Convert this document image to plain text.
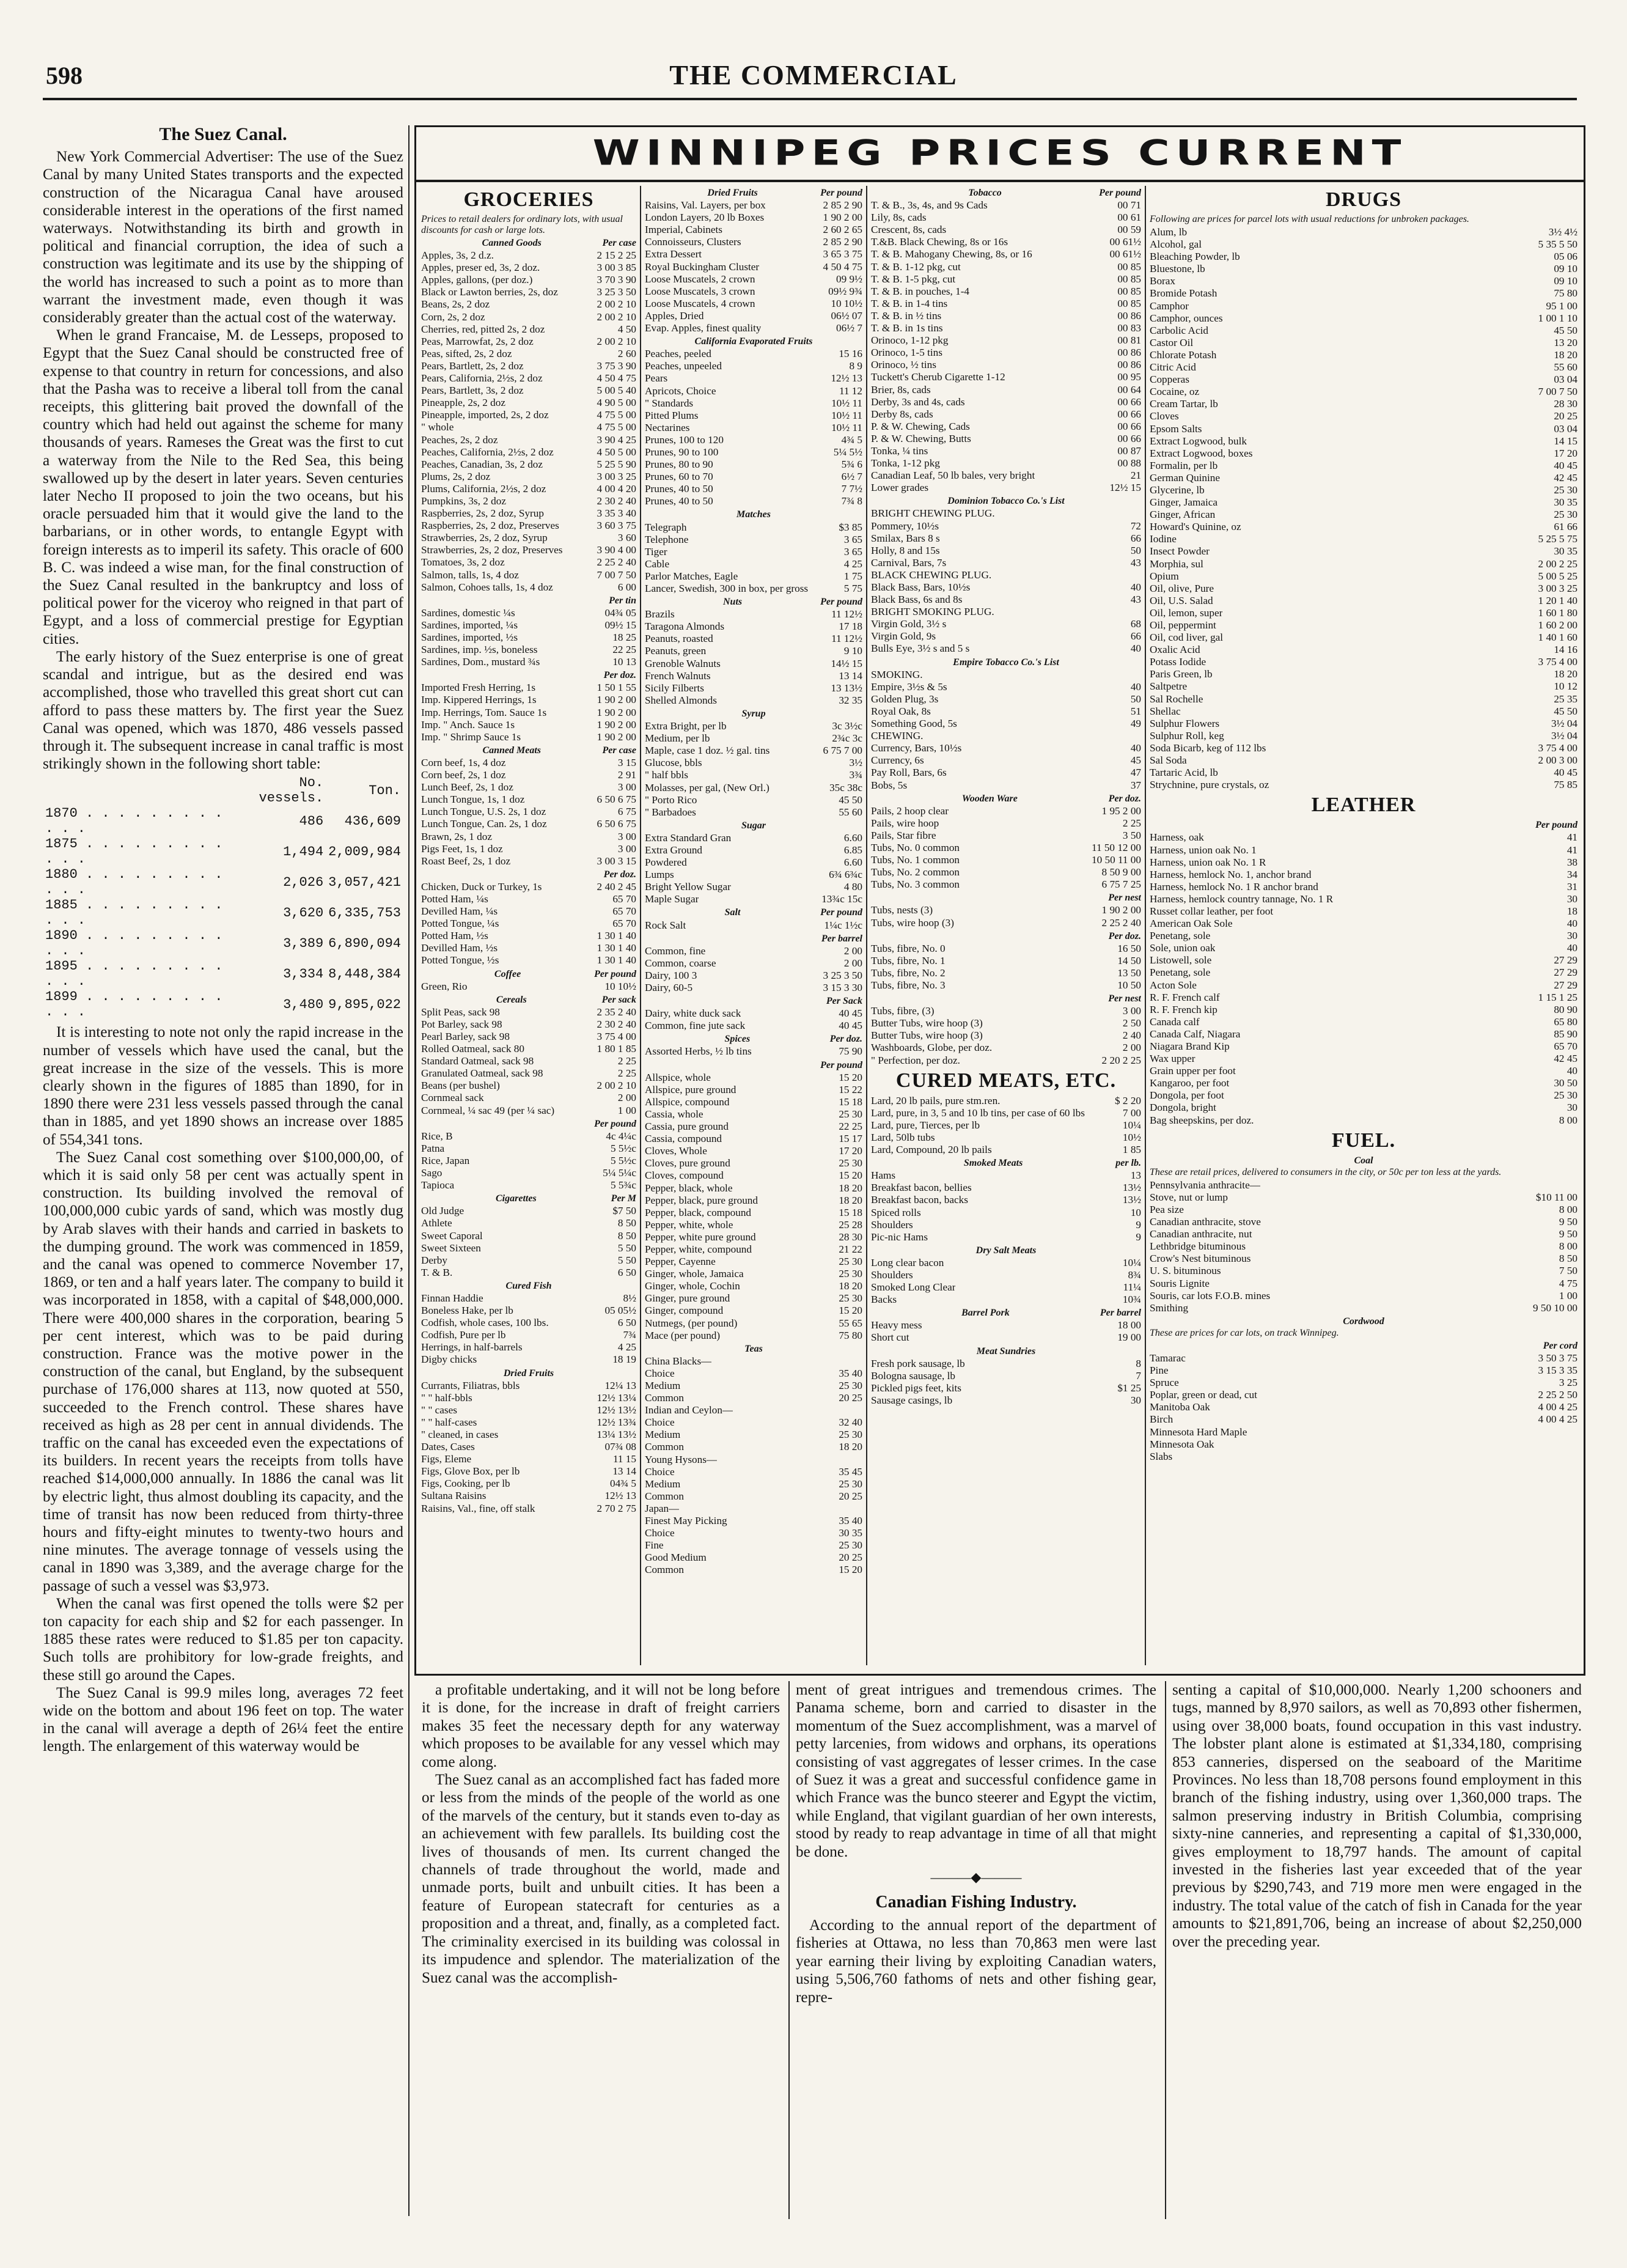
598	THE COMMERCIAL
The Suez Canal.

New York Commercial Advertiser: The use of the Suez Canal by many United States transports and the expected construction of the Nicaragua Canal have aroused considerable interest in the operations of the first named waterways. Notwithstanding its birth and growth in political and financial corruption, the idea of such a construction was legitimate and its use by the shipping of the world has increased to such a point as to more than warrant the investment made, even though it was considerably greater than the actual cost of the waterway.

When le grand Francaise, M. de Lesseps, proposed to Egypt that the Suez Canal should be constructed free of expense to that country in return for concessions, and also that the Pasha was to receive a liberal toll from the canal receipts, this glittering bait proved the downfall of the country which had held out against the scheme for many thousands of years. Rameses the Great was the first to cut a waterway from the Nile to the Red Sea, this being swallowed up by the desert in later years. Seven centuries later Necho II proposed to join the two oceans, but his oracle persuaded him that it would give the land to the barbarians, or in other words, to entangle Egypt with foreign interests as to imperil its safety. This oracle of 600 B. C. was indeed a wise man, for the final construction of the Suez Canal resulted in the bankruptcy and loss of political power for the viceroy who reigned in that part of Egypt, and a loss of commercial prestige for Egyptian cities.

The early history of the Suez enterprise is one of great scandal and intrigue, but as the desired end was accomplished, those who travelled this great short cut can afford to pass these matters by. The first year the Suez Canal was opened, which was 1870, 486 vessels passed through it. The subsequent increase in canal traffic is most strikingly shown in the following short table:

	No. vessels.	Ton.
1870 . . . . . . . . . . . .	486	436,609
1875 . . . . . . . . . . . .	1,494	2,009,984
1880 . . . . . . . . . . . .	2,026	3,057,421
1885 . . . . . . . . . . . .	3,620	6,335,753
1890 . . . . . . . . . . . .	3,389	6,890,094
1895 . . . . . . . . . . . .	3,334	8,448,384
1899 . . . . . . . . . . . .	3,480	9,895,022

It is interesting to note not only the rapid increase in the number of vessels which have used the canal, but the great increase in the size of the vessels. This is more clearly shown in the figures of 1885 than 1890, for in 1890 there were 231 less vessels passed through the canal than in 1885, and yet 1890 shows an increase over 1885 of 554,341 tons.

The Suez Canal cost something over $100,000,00, of which it is said only 58 per cent was actually spent in construction. Its building involved the removal of 100,000,000 cubic yards of sand, which was mostly dug by Arab slaves with their hands and carried in baskets to the dumping ground. The work was commenced in 1859, and the canal was opened to commerce November 17, 1869, or ten and a half years later. The company to build it was incorporated in 1858, with a capital of $48,000,000. There were 400,000 shares in the corporation, bearing 5 per cent interest, which was to be paid during construction. France was the motive power in the construction of the canal, but England, by the subsequent purchase of 176,000 shares at 113, now quoted at 550, succeeded to the French control. These shares have received as high as 28 per cent in annual dividends. The traffic on the canal has exceeded even the expectations of its builders. In recent years the receipts from tolls have reached $14,000,000 annually. In 1886 the canal was lit by electric light, thus almost doubling its capacity, and the time of transit has now been reduced from thirty-three hours and fifty-eight minutes to twenty-two hours and nine minutes. The average tonnage of vessels using the canal in 1890 was 3,389, and the average charge for the passage of such a vessel was $3,973.

When the canal was first opened the tolls were $2 per ton capacity for each ship and $2 for each passenger. In 1885 these rates were reduced to $1.85 per ton capacity. Such tolls are prohibitory for low-grade freights, and these still go around the Capes.

The Suez Canal is 99.9 miles long, averages 72 feet wide on the bottom and about 196 feet on top. The water in the canal will average a depth of 26¼ feet the entire length. The enlargement of this waterway would be

WINNIPEG PRICES CURRENT
GROCERIES
Prices to retail dealers for ordinary lots, with usual discounts for cash or large lots.
Canned Goods	Per case
Apples, 3s, 2 d.z.	2 15 2 25
Apples, preser ed, 3s, 2 doz.	3 00 3 85
Apples, gallons, (per doz.)	3 70 3 90
Black or Lawton berries, 2s, doz	3 25 3 50
Beans, 2s, 2 doz	2 00 2 10
Corn, 2s, 2 doz	2 00 2 10
Cherries, red, pitted 2s, 2 doz	4 50
Peas, Marrowfat, 2s, 2 doz	2 00 2 10
Peas, sifted, 2s, 2 doz	2 60
Pears, Bartlett, 2s, 2 doz	3 75 3 90
Pears, California, 2½s, 2 doz	4 50 4 75
Pears, Bartlett, 3s, 2 doz	5 00 5 40
Pineapple, 2s, 2 doz	4 90 5 00
Pineapple, imported, 2s, 2 doz	4 75 5 00
" whole	4 75 5 00
Peaches, 2s, 2 doz	3 90 4 25
Peaches, California, 2½s, 2 doz	4 50 5 00
Peaches, Canadian, 3s, 2 doz	5 25 5 90
Plums, 2s, 2 doz	3 00 3 25
Plums, California, 2½s, 2 doz	4 00 4 20
Pumpkins, 3s, 2 doz	2 30 2 40
Raspberries, 2s, 2 doz, Syrup	3 35 3 40
Raspberries, 2s, 2 doz, Preserves	3 60 3 75
Strawberries, 2s, 2 doz, Syrup	3 60
Strawberries, 2s, 2 doz, Preserves	3 90 4 00
Tomatoes, 3s, 2 doz	2 25 2 40
Salmon, talls, 1s, 4 doz	7 00 7 50
Salmon, Cohoes talls, 1s, 4 doz	6 00
Per tin
Sardines, domestic ¼s	04¾ 05
Sardines, imported, ¼s	09½ 15
Sardines, imported, ½s	18 25
Sardines, imp. ½s, boneless	22 25
Sardines, Dom., mustard ¾s	10 13
Per doz.
Imported Fresh Herring, 1s	1 50 1 55
Imp. Kippered Herrings, 1s	1 90 2 00
Imp. Herrings, Tom. Sauce 1s	1 90 2 00
Imp. " Anch. Sauce 1s	1 90 2 00
Imp. " Shrimp Sauce 1s	1 90 2 00
Canned Meats	Per case
Corn beef, 1s, 4 doz	3 15
Corn beef, 2s, 1 doz	2 91
Lunch Beef, 2s, 1 doz	3 00
Lunch Tongue, 1s, 1 doz	6 50 6 75
Lunch Tongue, U.S. 2s, 1 doz	6 75
Lunch Tongue, Can. 2s, 1 doz	6 50 6 75
Brawn, 2s, 1 doz	3 00
Pigs Feet, 1s, 1 doz	3 00
Roast Beef, 2s, 1 doz	3 00 3 15
Per doz.
Chicken, Duck or Turkey, 1s	2 40 2 45
Potted Ham, ¼s	65 70
Devilled Ham, ¼s	65 70
Potted Tongue, ¼s	65 70
Potted Ham, ½s	1 30 1 40
Devilled Ham, ½s	1 30 1 40
Potted Tongue, ½s	1 30 1 40
Coffee	Per pound
Green, Rio	10 10½
Cereals	Per sack
Split Peas, sack 98	2 35 2 40
Pot Barley, sack 98	2 30 2 40
Pearl Barley, sack 98	3 75 4 00
Rolled Oatmeal, sack 80	1 80 1 85
Standard Oatmeal, sack 98	2 25
Granulated Oatmeal, sack 98	2 25
Beans (per bushel)	2 00 2 10
Cornmeal sack	2 00
Cornmeal, ¼ sac 49 (per ¼ sac)	1 00
Per pound
Rice, B	4c 4¼c
Patna	5 5½c
Rice, Japan	5 5½c
Sago	5¼ 5¼c
Tapioca	5 5¾c
Cigarettes	Per M
Old Judge	$7 50
Athlete	8 50
Sweet Caporal	8 50
Sweet Sixteen	5 50
Derby	5 50
T. & B.	6 50
Cured Fish
Finnan Haddie	8½
Boneless Hake, per lb	05 05½
Codfish, whole cases, 100 lbs.	6 50
Codfish, Pure per lb	7¾
Herrings, in half-barrels	4 25
Digby chicks	18 19
Dried Fruits
Currants, Filiatras, bbls	12¼ 13
" " half-bbls	12½ 13¼
" " cases	12½ 13½
" " half-cases	12½ 13¾
" cleaned, in cases	13¼ 13½
Dates, Cases	07¾ 08
Figs, Eleme	11 15
Figs, Glove Box, per lb	13 14
Figs, Cooking, per lb	04¾ 5
Sultana Raisins	12½ 13
Raisins, Val., fine, off stalk	2 70 2 75
Dried Fruits	Per pound
Raisins, Val. Layers, per box	2 85 2 90
London Layers, 20 lb Boxes	1 90 2 00
Imperial, Cabinets	2 60 2 65
Connoisseurs, Clusters	2 85 2 90
Extra Dessert	3 65 3 75
Royal Buckingham Cluster	4 50 4 75
Loose Muscatels, 2 crown	09 9½
Loose Muscatels, 3 crown	09½ 9¾
Loose Muscatels, 4 crown	10 10½
Apples, Dried	06½ 07
Evap. Apples, finest quality	06½ 7
California Evaporated Fruits
Peaches, peeled	15 16
Peaches, unpeeled	8 9
Pears	12½ 13
Apricots, Choice	11 12
" Standards	10½ 11
Pitted Plums	10½ 11
Nectarines	10½ 11
Prunes, 100 to 120	4¾ 5
Prunes, 90 to 100	5¼ 5½
Prunes, 80 to 90	5¾ 6
Prunes, 60 to 70	6½ 7
Prunes, 40 to 50	7 7½
Prunes, 40 to 50	7¾ 8
Matches
Telegraph	$3 85
Telephone	3 65
Tiger	3 65
Cable	4 25
Parlor Matches, Eagle	1 75
Lancer, Swedish, 300 in box, per gross	5 75
Nuts	Per pound
Brazils	11 12½
Taragona Almonds	17 18
Peanuts, roasted	11 12½
Peanuts, green	9 10
Grenoble Walnuts	14½ 15
French Walnuts	13 14
Sicily Filberts	13 13½
Shelled Almonds	32 35
Syrup
Extra Bright, per lb	3c 3½c
Medium, per lb	2¾c 3c
Maple, case 1 doz. ½ gal. tins	6 75 7 00
Glucose, bbls	3½
" half bbls	3¾
Molasses, per gal, (New Orl.)	35c 38c
" Porto Rico	45 50
" Barbadoes	55 60
Sugar
Extra Standard Gran	6.60
Extra Ground	6.85
Powdered	6.60
Lumps	6¾ 6¾c
Bright Yellow Sugar	4 80
Maple Sugar	13¾c 15c
Salt	Per pound
Rock Salt	1¼c 1½c
Per barrel
Common, fine	2 00
Common, coarse	2 00
Dairy, 100 3	3 25 3 50
Dairy, 60-5	3 15 3 30
Per Sack
Dairy, white duck sack	40 45
Common, fine jute sack	40 45
Spices	Per doz.
Assorted Herbs, ½ lb tins	75 90
Per pound
Allspice, whole	15 20
Allspice, pure ground	15 22
Allspice, compound	15 18
Cassia, whole	25 30
Cassia, pure ground	22 25
Cassia, compound	15 17
Cloves, Whole	17 20
Cloves, pure ground	25 30
Cloves, compound	15 20
Pepper, black, whole	18 20
Pepper, black, pure ground	18 20
Pepper, black, compound	15 18
Pepper, white, whole	25 28
Pepper, white pure ground	28 30
Pepper, white, compound	21 22
Pepper, Cayenne	25 30
Ginger, whole, Jamaica	25 30
Ginger, whole, Cochin	18 20
Ginger, pure ground	25 30
Ginger, compound	15 20
Nutmegs, (per pound)	55 65
Mace (per pound)	75 80
Teas
China Blacks—
Choice	35 40
Medium	25 30
Common	20 25
Indian and Ceylon—
Choice	32 40
Medium	25 30
Common	18 20
Young Hysons—
Choice	35 45
Medium	25 30
Common	20 25
Japan—
Finest May Picking	35 40
Choice	30 35
Fine	25 30
Good Medium	20 25
Common	15 20
Tobacco	Per pound
T. & B., 3s, 4s, and 9s Cads	00 71
Lily, 8s, cads	00 61
Crescent, 8s, cads	00 59
T.&B. Black Chewing, 8s or 16s	00 61½
T. & B. Mahogany Chewing, 8s, or 16	00 61½
T. & B. 1-12 pkg, cut	00 85
T. & B. 1-5 pkg, cut	00 85
T. & B. in pouches, 1-4	00 85
T. & B. in 1-4 tins	00 85
T. & B. in ½ tins	00 86
T. & B. in 1s tins	00 83
Orinoco, 1-12 pkg	00 81
Orinoco, 1-5 tins	00 86
Orinoco, ½ tins	00 86
Tuckett's Cherub Cigarette 1-12	00 95
Brier, 8s, cads	00 64
Derby, 3s and 4s, cads	00 66
Derby 8s, cads	00 66
P. & W. Chewing, Cads	00 66
P. & W. Chewing, Butts	00 66
Tonka, ¼ tins	00 87
Tonka, 1-12 pkg	00 88
Canadian Leaf, 50 lb bales, very bright	21
Lower grades	12½ 15
Dominion Tobacco Co.'s List
BRIGHT CHEWING PLUG.
Pommery, 10½s	72
Smilax, Bars 8 s	66
Holly, 8 and 15s	50
Carnival, Bars, 7s	43
BLACK CHEWING PLUG.
Black Bass, Bars, 10½s	40
Black Bass, 6s and 8s	43
BRIGHT SMOKING PLUG.
Virgin Gold, 3½ s	68
Virgin Gold, 9s	66
Bulls Eye, 3½ s and 5 s	40
Empire Tobacco Co.'s List
SMOKING.
Empire, 3½s & 5s	40
Golden Plug, 3s	50
Royal Oak, 8s	51
Something Good, 5s	49
CHEWING.
Currency, Bars, 10½s	40
Currency, 6s	45
Pay Roll, Bars, 6s	47
Bobs, 5s	37
Wooden Ware	Per doz.
Pails, 2 hoop clear	1 95 2 00
Pails, wire hoop	2 25
Pails, Star fibre	3 50
Tubs, No. 0 common	11 50 12 00
Tubs, No. 1 common	10 50 11 00
Tubs, No. 2 common	8 50 9 00
Tubs, No. 3 common	6 75 7 25
Per nest
Tubs, nests (3)	1 90 2 00
Tubs, wire hoop (3)	2 25 2 40
Per doz.
Tubs, fibre, No. 0	16 50
Tubs, fibre, No. 1	14 50
Tubs, fibre, No. 2	13 50
Tubs, fibre, No. 3	10 50
Per nest
Tubs, fibre, (3)	3 00
Butter Tubs, wire hoop (3)	2 50
Butter Tubs, wire hoop (3)	2 40
Washboards, Globe, per doz.	2 00
" Perfection, per doz.	2 20 2 25
CURED MEATS, ETC.
Lard, 20 lb pails, pure stm.ren.	$ 2 20
Lard, pure, in 3, 5 and 10 lb tins, per case of 60 lbs	7 00
Lard, pure, Tierces, per lb	10¼
Lard, 50lb tubs	10½
Lard, Compound, 20 lb pails	1 85
Smoked Meats	per lb.
Hams	13
Breakfast bacon, bellies	13½
Breakfast bacon, backs	13½
Spiced rolls	10
Shoulders	9
Pic-nic Hams	9
Dry Salt Meats
Long clear bacon	10¼
Shoulders	8¾
Smoked Long Clear	11¼
Backs	10¾
Barrel Pork	Per barrel
Heavy mess	18 00
Short cut	19 00
Meat Sundries
Fresh pork sausage, lb	8
Bologna sausage, lb	7
Pickled pigs feet, kits	$1 25
Sausage casings, lb	30
DRUGS
Following are prices for parcel lots with usual reductions for unbroken packages.
Alum, lb	3½ 4½
Alcohol, gal	5 35 5 50
Bleaching Powder, lb	05 06
Bluestone, lb	09 10
Borax	09 10
Bromide Potash	75 80
Camphor	95 1 00
Camphor, ounces	1 00 1 10
Carbolic Acid	45 50
Castor Oil	13 20
Chlorate Potash	18 20
Citric Acid	55 60
Copperas	03 04
Cocaine, oz	7 00 7 50
Cream Tartar, lb	28 30
Cloves	20 25
Epsom Salts	03 04
Extract Logwood, bulk	14 15
Extract Logwood, boxes	17 20
Formalin, per lb	40 45
German Quinine	42 45
Glycerine, lb	25 30
Ginger, Jamaica	30 35
Ginger, African	25 30
Howard's Quinine, oz	61 66
Iodine	5 25 5 75
Insect Powder	30 35
Morphia, sul	2 00 2 25
Opium	5 00 5 25
Oil, olive, Pure	3 00 3 25
Oil, U.S. Salad	1 20 1 40
Oil, lemon, super	1 60 1 80
Oil, peppermint	1 60 2 00
Oil, cod liver, gal	1 40 1 60
Oxalic Acid	14 16
Potass Iodide	3 75 4 00
Paris Green, lb	18 20
Saltpetre	10 12
Sal Rochelle	25 35
Shellac	45 50
Sulphur Flowers	3½ 04
Sulphur Roll, keg	3½ 04
Soda Bicarb, keg of 112 lbs	3 75 4 00
Sal Soda	2 00 3 00
Tartaric Acid, lb	40 45
Strychnine, pure crystals, oz	75 85
LEATHER
Per pound
Harness, oak	41
Harness, union oak No. 1	41
Harness, union oak No. 1 R	38
Harness, hemlock No. 1, anchor brand	34
Harness, hemlock No. 1 R anchor brand	31
Harness, hemlock country tannage, No. 1 R	30
Russet collar leather, per foot	18
American Oak Sole	40
Penetang, sole	30
Sole, union oak	40
Listowell, sole	27 29
Penetang, sole	27 29
Acton Sole	27 29
R. F. French calf	1 15 1 25
R. F. French kip	80 90
Canada calf	65 80
Canada Calf, Niagara	85 90
Niagara Brand Kip	65 70
Wax upper	42 45
Grain upper per foot	40
Kangaroo, per foot	30 50
Dongola, per foot	25 30
Dongola, bright	30
Bag sheepskins, per doz.	8 00
FUEL.
Coal
These are retail prices, delivered to consumers in the city, or 50c per ton less at the yards.
Pennsylvania anthracite—
Stove, nut or lump	$10 11 00
Pea size	8 00
Canadian anthracite, stove	9 50
Canadian anthracite, nut	9 50
Lethbridge bituminous	8 00
Crow's Nest bituminous	8 50
U. S. bituminous	7 50
Souris Lignite	4 75
Souris, car lots F.O.B. mines	1 00
Smithing	9 50 10 00
Cordwood
These are prices for car lots, on track Winnipeg.
Per cord
Tamarac	3 50 3 75
Pine	3 15 3 35
Spruce	3 25
Poplar, green or dead, cut	2 25 2 50
Manitoba Oak	4 00 4 25
Birch	4 00 4 25
Minnesota Hard Maple
Minnesota Oak
Slabs

a profitable undertaking, and it will not be long before it is done, for the increase in draft of freight carriers makes 35 feet the necessary depth for any waterway which proposes to be available for any vessel which may come along.

The Suez canal as an accomplished fact has faded more or less from the minds of the people of the world as one of the marvels of the century, but it stands even to-day as an achievement with few parallels. Its building cost the lives of thousands of men. Its current changed the channels of trade throughout the world, made and unmade ports, built and unbuilt cities. It has been a feature of European statecraft for centuries as a proposition and a threat, and, finally, as a completed fact. The criminality exercised in its building was colossal in its impudence and splendor. The materialization of the Suez canal was the accomplish-

ment of great intrigues and tremendous crimes. The Panama scheme, born and carried to disaster in the momentum of the Suez accomplishment, was a marvel of petty larcenies, from widows and orphans, its operations consisting of vast aggregates of lesser crimes. In the case of Suez it was a great and successful confidence game in which France was the bunco steerer and Egypt the victim, while England, that vigilant guardian of her own interests, stood by ready to reap advantage in time of all that might be done.

———◆———
Canadian Fishing Industry.

According to the annual report of the department of fisheries at Ottawa, no less than 70,863 men were last year earning their living by exploiting Canadian waters, using 5,506,760 fathoms of nets and other fishing gear, repre-

senting a capital of $10,000,000. Nearly 1,200 schooners and tugs, manned by 8,970 sailors, as well as 70,893 other fishermen, using over 38,000 boats, found occupation in this vast industry. The lobster plant alone is estimated at $1,334,180, comprising 853 canneries, dispersed on the seaboard of the Maritime Provinces. No less than 18,708 persons found employment in this branch of the fishing industry, using over 1,360,000 traps. The salmon preserving industry in British Columbia, comprising sixty-nine canneries, and representing a capital of $1,330,000, gives employment to 18,797 hands. The amount of capital invested in the fisheries last year exceeded that of the year previous by $290,743, and 719 more men were engaged in the industry. The total value of the catch of fish in Canada for the year amounts to $21,891,706, being an increase of about $2,250,000 over the preceding year.
